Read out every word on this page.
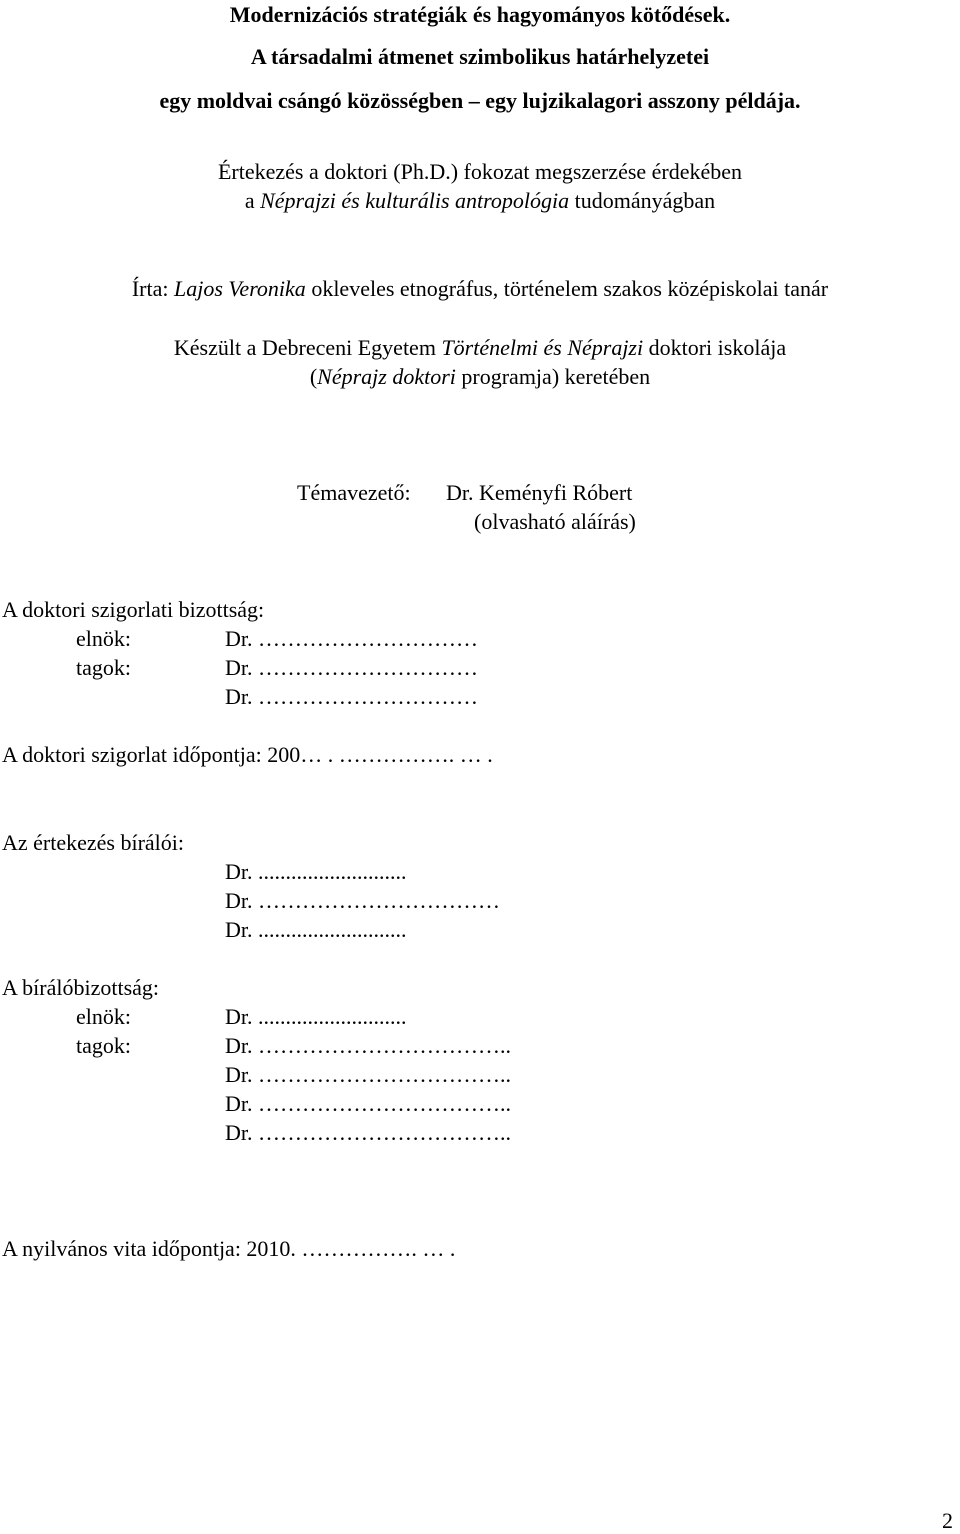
Modernizációs stratégiák és hagyományos kötődések.
A társadalmi átmenet szimbolikus határhelyzetei
egy moldvai csángó közösségben – egy lujzikalagori asszony példája.
Értekezés a doktori (Ph.D.) fokozat megszerzése érdekében
a Néprajzi és kulturális antropológia tudományágban
Írta: Lajos Veronika okleveles etnográfus, történelem szakos középiskolai tanár
Készült a Debreceni Egyetem Történelmi és Néprajzi doktori iskolája
(Néprajz doktori programja) keretében
Témavezető: Dr. Keményfi Róbert
(olvasható aláírás)
A doktori szigorlati bizottság:
elnök:	Dr. …………………………
tagok:	Dr. …………………………
Dr. …………………………
A doktori szigorlat időpontja: 200… . ……………. … .
Az értekezés bírálói:
Dr. ...........................
Dr. ……………………………
Dr. ...........................
A bírálóbizottság:
elnök:	Dr. ...........................
tagok:	Dr. ……………………………..
Dr. ……………………………..
Dr. ……………………………..
Dr. ……………………………..
A nyilvános vita időpontja: 2010. ……………. … .
2
